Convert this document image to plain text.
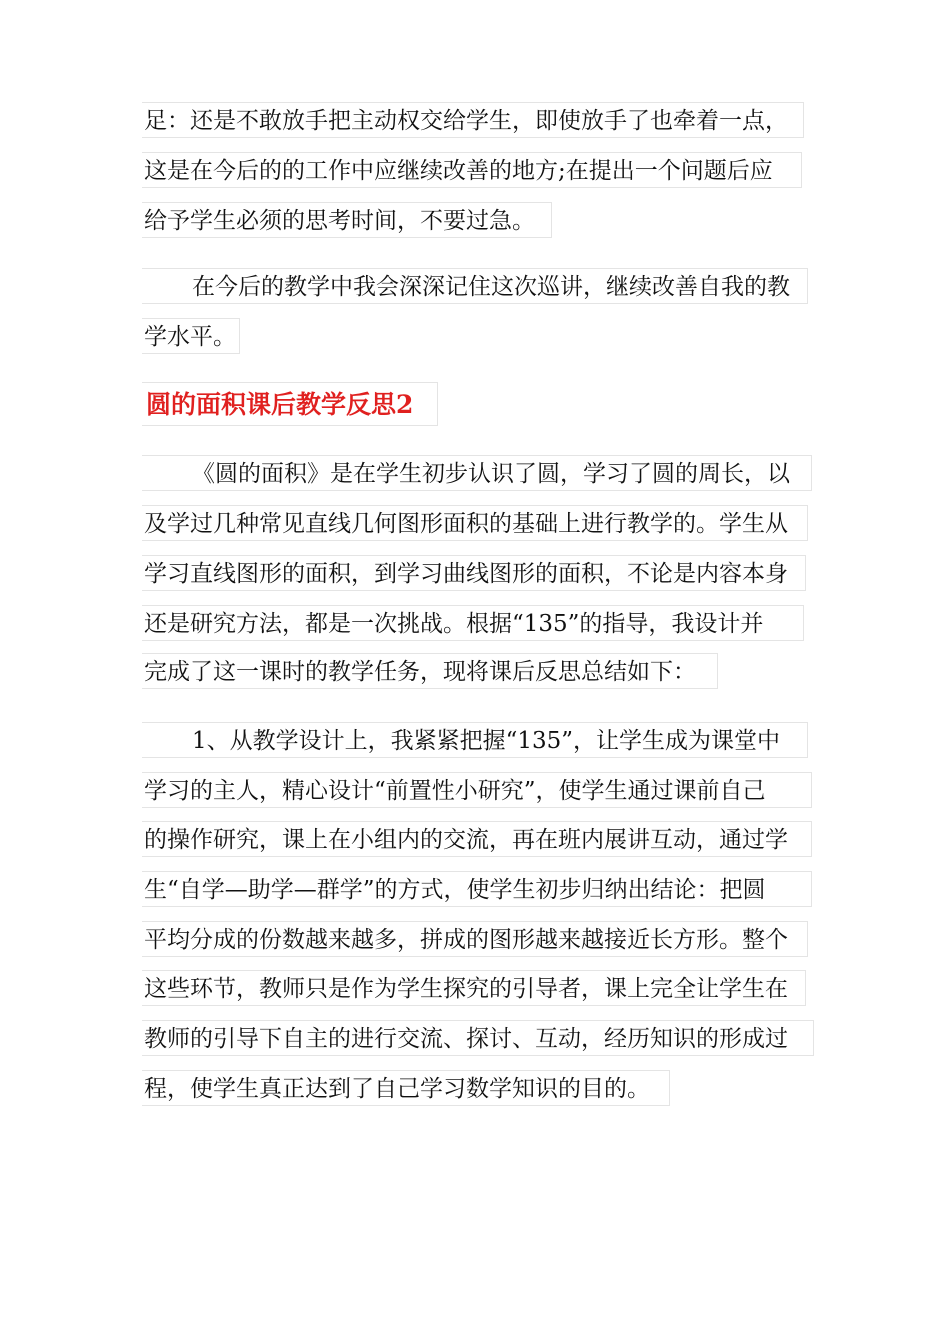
足：还是不敢放手把主动权交给学生，即使放手了也牵着一点，
这是在今后的的工作中应继续改善的地方;在提出一个问题后应
给予学生必须的思考时间，不要过急。
在今后的教学中我会深深记住这次巡讲，继续改善自我的教
学水平。
圆的面积课后教学反思2
《圆的面积》是在学生初步认识了圆，学习了圆的周长，以
及学过几种常见直线几何图形面积的基础上进行教学的。学生从
学习直线图形的面积，到学习曲线图形的面积，不论是内容本身
还是研究方法，都是一次挑战。根据“135”的指导，我设计并
完成了这一课时的教学任务，现将课后反思总结如下：
1、从教学设计上，我紧紧把握“135”，让学生成为课堂中
学习的主人，精心设计“前置性小研究”，使学生通过课前自己
的操作研究，课上在小组内的交流，再在班内展讲互动，通过学
生“自学—助学—群学”的方式，使学生初步归纳出结论：把圆
平均分成的份数越来越多，拼成的图形越来越接近长方形。整个
这些环节，教师只是作为学生探究的引导者，课上完全让学生在
教师的引导下自主的进行交流、探讨、互动，经历知识的形成过
程，使学生真正达到了自己学习数学知识的目的。
